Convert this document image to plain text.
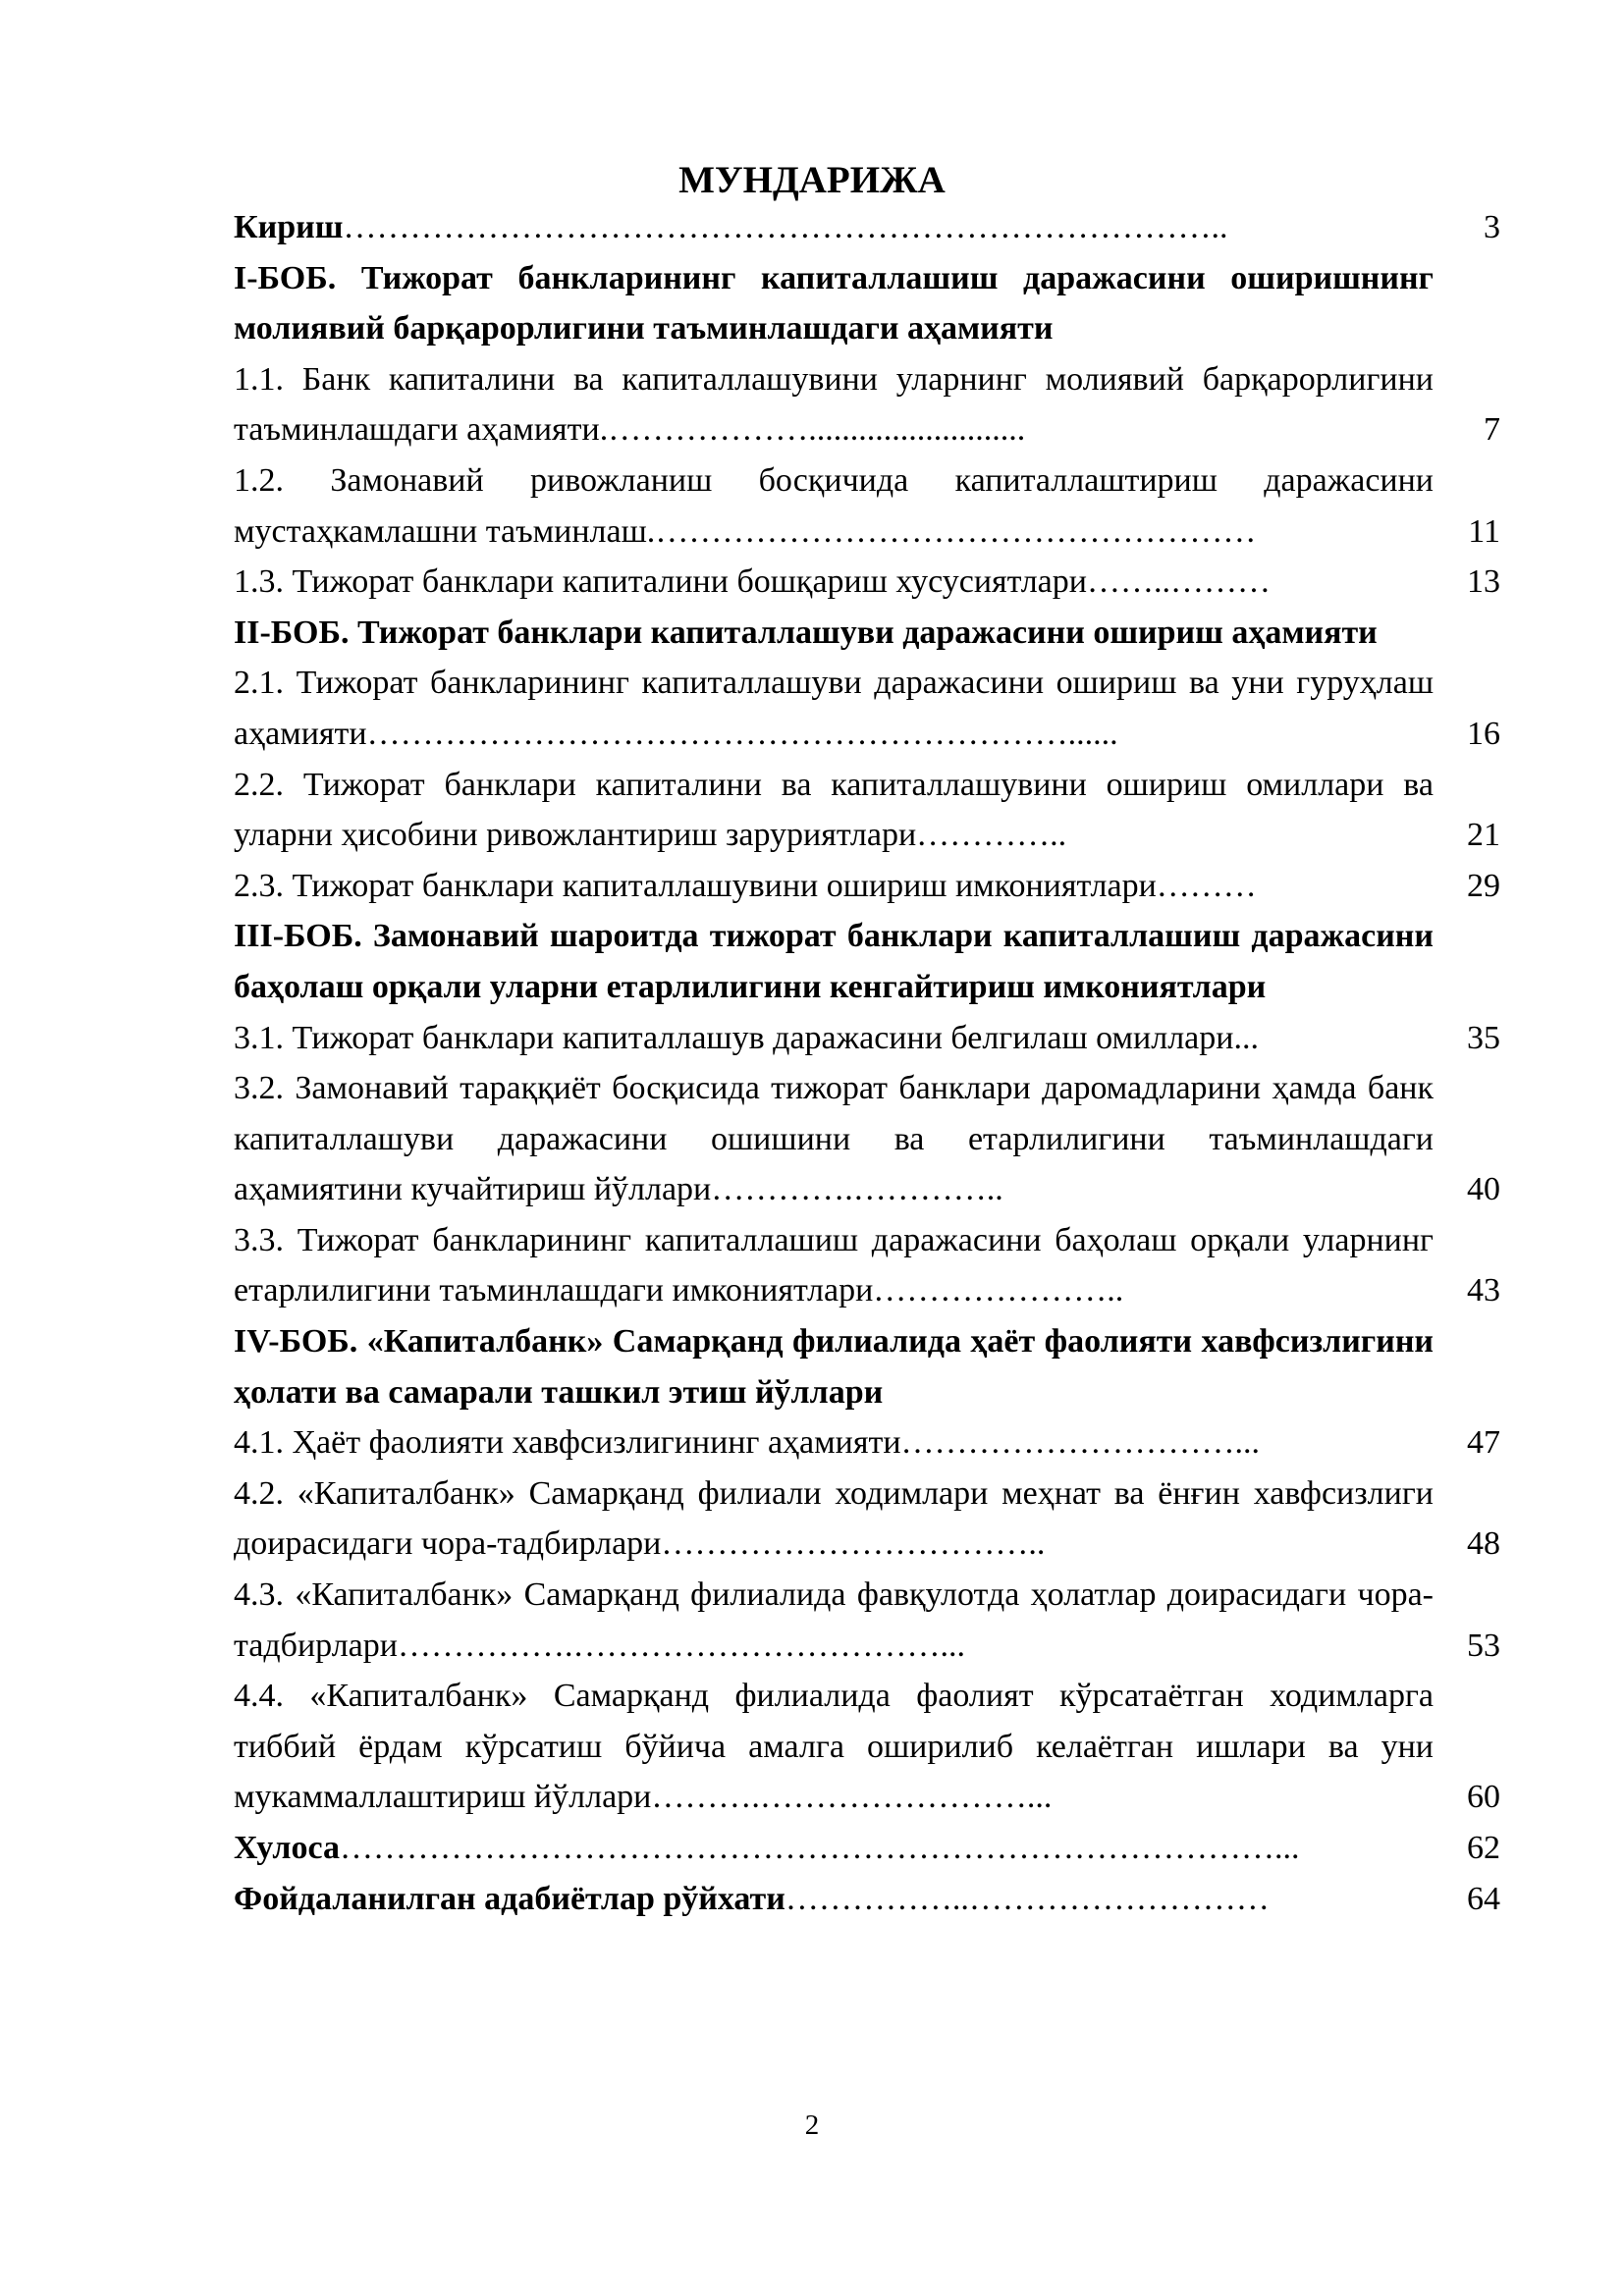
МУНДАРИЖА
Кириш……………………………………………………………………..	3
I-БОБ. Тижорат банкларининг капиталлашиш даражасини оширишнинг молиявий барқарорлигини таъминлашдаги аҳамияти
1.1. Банк капиталини ва капиталлашувини уларнинг молиявий барқарорлигини таъминлашдаги аҳамияти.………………..........................	7
1.2. Замонавий ривожланиш босқичида капиталлаштириш даражасини мустаҳкамлашни таъминлаш.………………………………………………	11
1.3. Тижорат банклари капиталини бошқариш хусусиятлари……..………	13
II-БОБ. Тижорат банклари капиталлашуви даражасини ошириш аҳамияти
2.1. Тижорат банкларининг капиталлашуви даражасини ошириш ва уни гуруҳлаш аҳамияти………………………………………………………......	16
2.2. Тижорат банклари капиталини ва капиталлашувини ошириш омиллари ва уларни ҳисобини ривожлантириш заруриятлари…………..	21
2.3. Тижорат банклари капиталлашувини ошириш имкониятлари………	29
III-БОБ. Замонавий шароитда тижорат банклари капиталлашиш даражасини баҳолаш орқали уларни етарлилигини кенгайтириш имкониятлари
3.1. Тижорат банклари капиталлашув даражасини белгилаш омиллари...	35
3.2. Замонавий тараққиёт босқисида тижорат банклари даромадларини ҳамда банк капиталлашуви даражасини ошишини ва етарлилигини таъминлашдаги аҳамиятини кучайтириш йўллари………….…………..	40
3.3. Тижорат банкларининг капиталлашиш даражасини баҳолаш орқали уларнинг етарлилигини таъминлашдаги имкониятлари…………………..	43
IV-БОБ. «Капиталбанк» Самарқанд филиалида ҳаёт фаолияти хавфсизлигини ҳолати ва самарали ташкил этиш йўллари
4.1. Ҳаёт фаолияти хавфсизлигининг аҳамияти…………………………...	47
4.2. «Капиталбанк» Самарқанд филиали ходимлари меҳнат ва ёнғин хавфсизлиги доирасидаги чора-тадбирлари……………………………..	48
4.3. «Капиталбанк» Самарқанд филиалида фавқулотда ҳолатлар доирасидаги чора-тадбирлари…………….……………………………...	53
4.4. «Капиталбанк» Самарқанд филиалида фаолият кўрсатаётган ходимларга тиббий ёрдам кўрсатиш бўйича амалга оширилиб келаётган ишлари ва уни мукаммаллаштириш йўллари……….……………………...	60
Хулоса…………………………………………………………………………...	62
Фойдаланилган адабиётлар рўйхати……………..………………………	64
2
